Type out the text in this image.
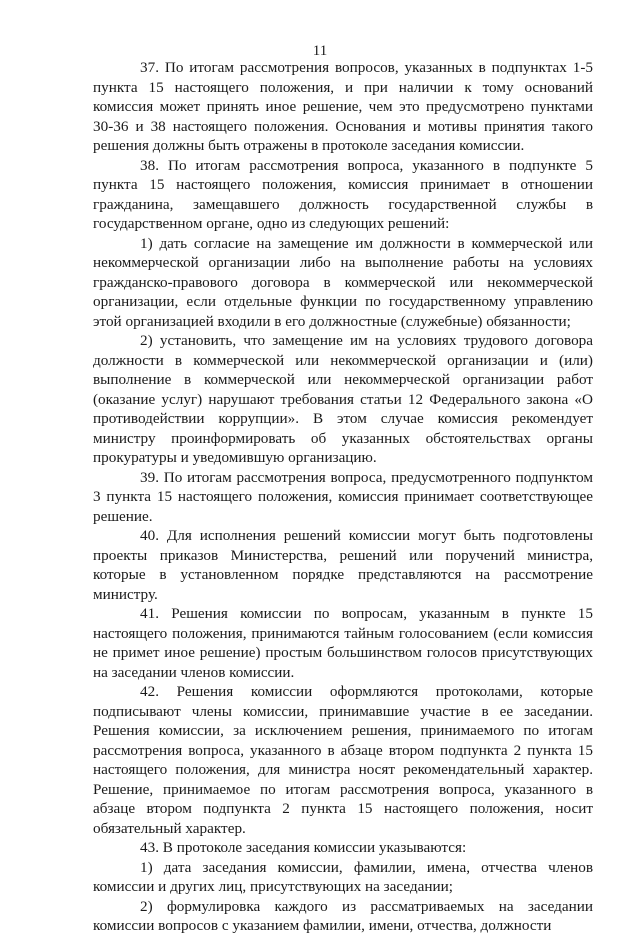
11

37. По итогам рассмотрения вопросов, указанных в подпунктах 1-5 пункта 15 настоящего положения, и при наличии к тому оснований комиссия может принять иное решение, чем это предусмотрено пунктами 30-36 и 38 настоящего положения. Основания и мотивы принятия такого решения должны быть отражены в протоколе заседания комиссии.

38. По итогам рассмотрения вопроса, указанного в подпункте 5 пункта 15 настоящего положения, комиссия принимает в отношении гражданина, замещавшего должность государственной службы в государственном органе, одно из следующих решений:

1) дать согласие на замещение им должности в коммерческой или некоммерческой организации либо на выполнение работы на условиях гражданско-правового договора в коммерческой или некоммерческой организации, если отдельные функции по государственному управлению этой организацией входили в его должностные (служебные) обязанности;

2) установить, что замещение им на условиях трудового договора должности в коммерческой или некоммерческой организации и (или) выполнение в коммерческой или некоммерческой организации работ (оказание услуг) нарушают требования статьи 12 Федерального закона «О противодействии коррупции». В этом случае комиссия рекомендует министру проинформировать об указанных обстоятельствах органы прокуратуры и уведомившую организацию.

39. По итогам рассмотрения вопроса, предусмотренного подпунктом 3 пункта 15 настоящего положения, комиссия принимает соответствующее решение.

40. Для исполнения решений комиссии могут быть подготовлены проекты приказов Министерства, решений или поручений министра, которые в установленном порядке представляются на рассмотрение министру.

41. Решения комиссии по вопросам, указанным в пункте 15 настоящего положения, принимаются тайным голосованием (если комиссия не примет иное решение) простым большинством голосов присутствующих на заседании членов комиссии.

42. Решения комиссии оформляются протоколами, которые подписывают члены комиссии, принимавшие участие в ее заседании. Решения комиссии, за исключением решения, принимаемого по итогам рассмотрения вопроса, указанного в абзаце втором подпункта 2 пункта 15 настоящего положения, для министра носят рекомендательный характер. Решение, принимаемое по итогам рассмотрения вопроса, указанного в абзаце втором подпункта 2 пункта 15 настоящего положения, носит обязательный характер.

43. В протоколе заседания комиссии указываются:

1) дата заседания комиссии, фамилии, имена, отчества членов комиссии и других лиц, присутствующих на заседании;

2) формулировка каждого из рассматриваемых на заседании комиссии вопросов с указанием фамилии, имени, отчества, должности
